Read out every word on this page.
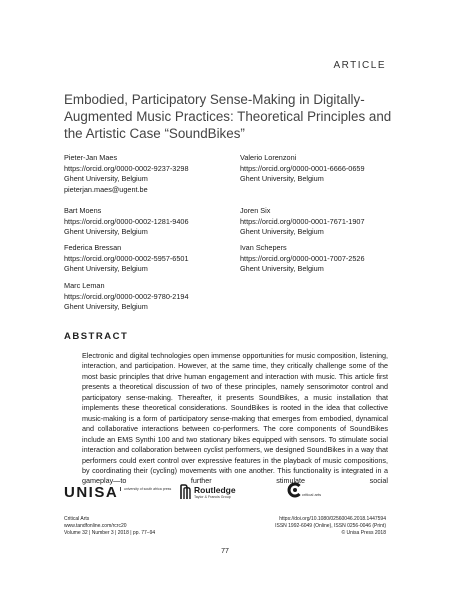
ARTICLE
Embodied, Participatory Sense-Making in Digitally-Augmented Music Practices: Theoretical Principles and the Artistic Case “SoundBikes”
Pieter-Jan Maes
https://orcid.org/0000-0002-9237-3298
Ghent University, Belgium
pieterjan.maes@ugent.be
Valerio Lorenzoni
https://orcid.org/0000-0001-6666-0659
Ghent University, Belgium
Bart Moens
https://orcid.org/0000-0002-1281-9406
Ghent University, Belgium
Joren Six
https://orcid.org/0000-0001-7671-1907
Ghent University, Belgium
Federica Bressan
https://orcid.org/0000-0002-5957-6501
Ghent University, Belgium
Ivan Schepers
https://orcid.org/0000-0001-7007-2526
Ghent University, Belgium
Marc Leman
https://orcid.org/0000-0002-9780-2194
Ghent University, Belgium
ABSTRACT

Electronic and digital technologies open immense opportunities for music composition, listening, interaction, and participation. However, at the same time, they critically challenge some of the most basic principles that drive human engagement and interaction with music. This article first presents a theoretical discussion of two of these principles, namely sensorimotor control and participatory sense-making. Thereafter, it presents SoundBikes, a music installation that implements these theoretical considerations. SoundBikes is rooted in the idea that collective music-making is a form of participatory sense-making that emerges from embodied, dynamical and collaborative interactions between co-performers. The core components of SoundBikes include an EMS Synthi 100 and two stationary bikes equipped with sensors. To stimulate social interaction and collaboration between cyclist performers, we designed SoundBikes in a way that performers could exert control over expressive features in the playback of music compositions, by coordinating their (cycling) movements with one another. This functionality is integrated in a gameplay—to further stimulate social

UNISA	university of south africa press	Routledge
Taylor & Francis Group	critical arts
Critical Arts
www.tandfonline.com/rcrc20
Volume 32 | Number 3 | 2018 | pp. 77–94
https://doi.org/10.1080/02560046.2018.1447594
ISSN 1992-6049 (Online), ISSN 0256-0046 (Print)
© Unisa Press 2018
77
